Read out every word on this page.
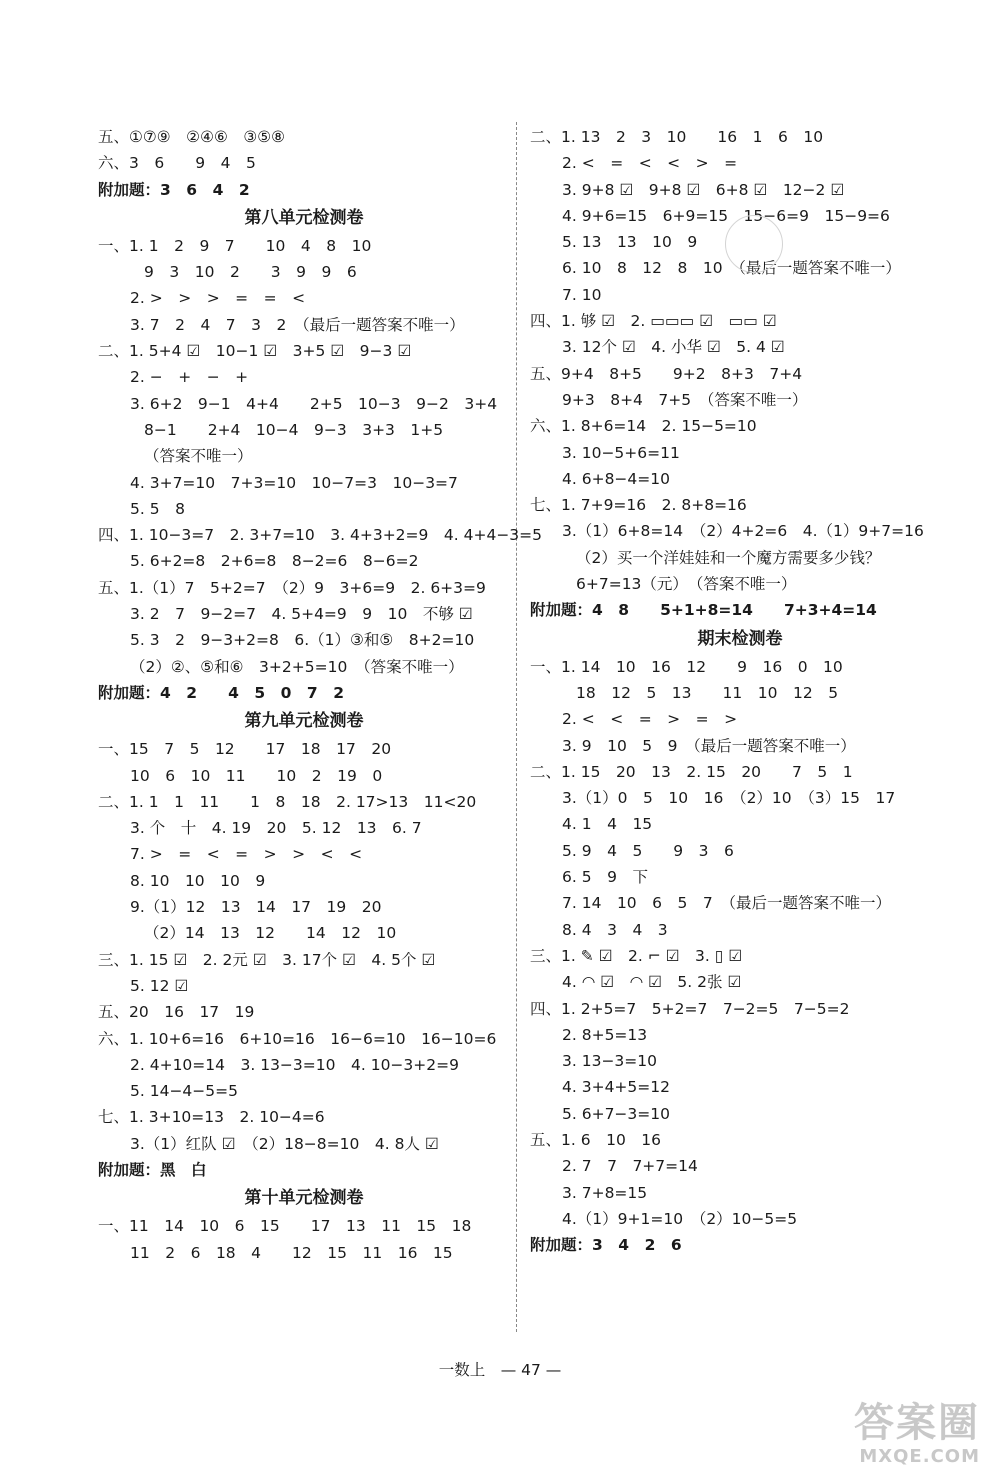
五、①⑦⑨　②④⑥　③⑤⑧
六、3　6　　9　4　5
附加题：3　6　4　2
第八单元检测卷
一、1. 1　2　9　7　　10　4　8　10
9　3　10　2　　3　9　9　6
2. >　>　>　=　=　<
3. 7　2　4　7　3　2　（最后一题答案不唯一）
二、1. 5+4 ☑　10−1 ☑　3+5 ☑　9−3 ☑
2. −　+　−　+
3. 6+2　9−1　4+4　　2+5　10−3　9−2　3+4
8−1　　2+4　10−4　9−3　3+3　1+5
（答案不唯一）
4. 3+7=10　7+3=10　10−7=3　10−3=7
5. 5　8
四、1. 10−3=7　2. 3+7=10　3. 4+3+2=9　4. 4+4−3=5
5. 6+2=8　2+6=8　8−2=6　8−6=2
五、1.（1）7　5+2=7　（2）9　3+6=9　2. 6+3=9
3. 2　7　9−2=7　4. 5+4=9　9　10　不够 ☑
5. 3　2　9−3+2=8　6.（1）③和⑤　8+2=10
（2）②、⑤和⑥　3+2+5=10　（答案不唯一）
附加题：4　2　　4　5　0　7　2
第九单元检测卷
一、15　7　5　12　　17　18　17　20
10　6　10　11　　10　2　19　0
二、1. 1　1　11　　1　8　18　2. 17>13　11<20
3. 个　十　4. 19　20　5. 12　13　6. 7
7. >　=　<　=　>　>　<　<
8. 10　10　10　9
9.（1）12　13　14　17　19　20
（2）14　13　12　　14　12　10
三、1. 15 ☑　2. 2元 ☑　3. 17个 ☑　4. 5个 ☑
5. 12 ☑
五、20　16　17　19
六、1. 10+6=16　6+10=16　16−6=10　16−10=6
2. 4+10=14　3. 13−3=10　4. 10−3+2=9
5. 14−4−5=5
七、1. 3+10=13　2. 10−4=6
3.（1）红队 ☑　（2）18−8=10　4. 8人 ☑
附加题：黑　白
第十单元检测卷
一、11　14　10　6　15　　17　13　11　15　18
11　2　6　18　4　　12　15　11　16　15
二、1. 13　2　3　10　　16　1　6　10
2. <　=　<　<　>　=
3. 9+8 ☑　9+8 ☑　6+8 ☑　12−2 ☑
4. 9+6=15　6+9=15　15−6=9　15−9=6
5. 13　13　10　9
6. 10　8　12　8　10　（最后一题答案不唯一）
7. 10
四、1. 够 ☑　2. ▭▭▭ ☑　▭▭ ☑
3. 12个 ☑　4. 小华 ☑　5. 4 ☑
五、9+4　8+5　　9+2　8+3　7+4
9+3　8+4　7+5　（答案不唯一）
六、1. 8+6=14　2. 15−5=10
3. 10−5+6=11
4. 6+8−4=10
七、1. 7+9=16　2. 8+8=16
3.（1）6+8=14　（2）4+2=6　4.（1）9+7=16
（2）买一个洋娃娃和一个魔方需要多少钱？
6+7=13（元）　（答案不唯一）
附加题：4　8　　5+1+8=14　　7+3+4=14
期末检测卷
一、1. 14　10　16　12　　9　16　0　10
18　12　5　13　　11　10　12　5
2. <　<　=　>　=　>
3. 9　10　5　9　（最后一题答案不唯一）
二、1. 15　20　13　2. 15　20　　7　5　1
3.（1）0　5　10　16　（2）10　（3）15　17
4. 1　4　15
5. 9　4　5　　9　3　6
6. 5　9　下
7. 14　10　6　5　7　（最后一题答案不唯一）
8. 4　3　4　3
三、1. ✎ ☑　2. ⌐ ☑　3. ▯ ☑
4. ◠ ☑　◠ ☑　5. 2张 ☑
四、1. 2+5=7　5+2=7　7−2=5　7−5=2
2. 8+5=13
3. 13−3=10
4. 3+4+5=12
5. 6+7−3=10
五、1. 6　10　16
2. 7　7　7+7=14
3. 7+8=15
4.（1）9+1=10　（2）10−5=5
附加题：3　4　2　6
一数上　— 47 —
答案圈
MXQE.COM
